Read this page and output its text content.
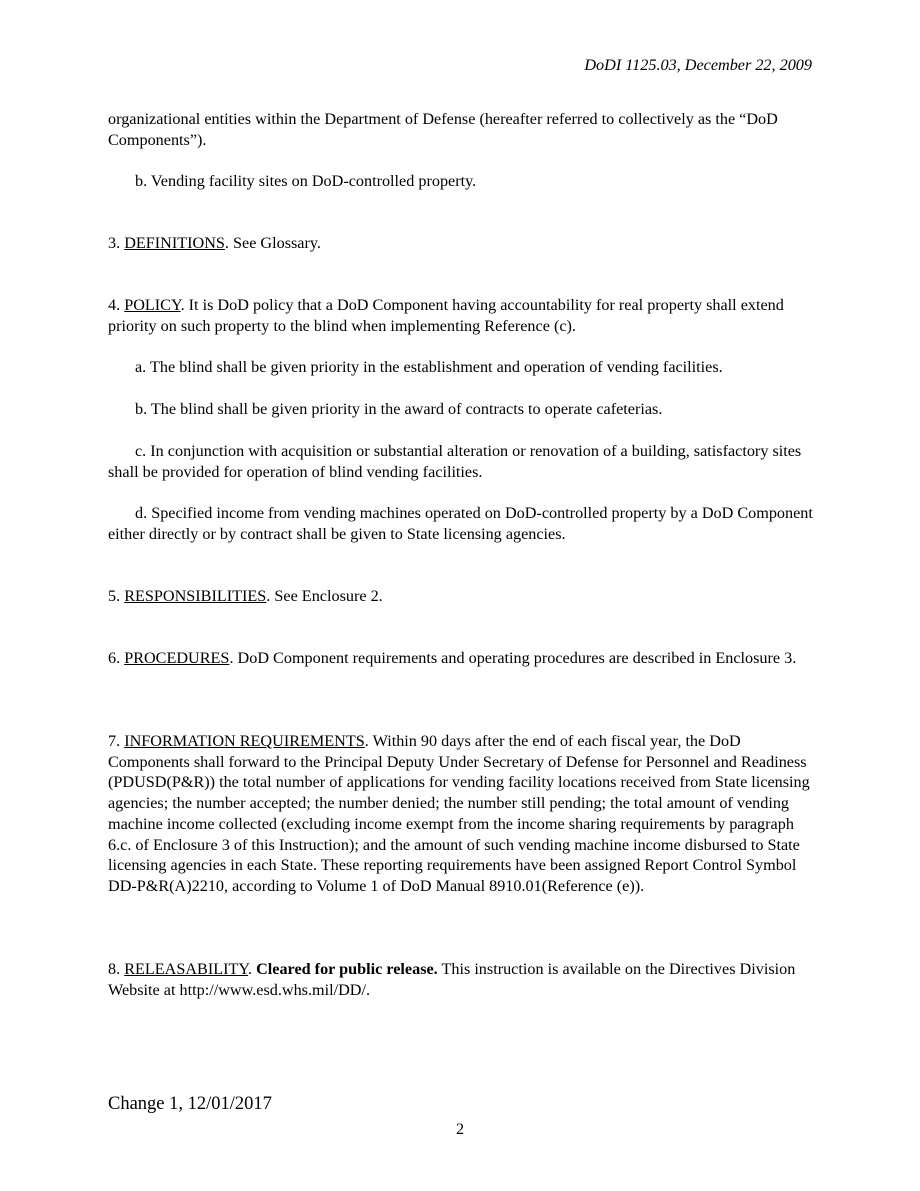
DoDI 1125.03, December 22, 2009

organizational entities within the Department of Defense (hereafter referred to collectively as the “DoD Components”).

b. Vending facility sites on DoD-controlled property.

3. DEFINITIONS. See Glossary.

4. POLICY. It is DoD policy that a DoD Component having accountability for real property shall extend priority on such property to the blind when implementing Reference (c).

a. The blind shall be given priority in the establishment and operation of vending facilities.

b. The blind shall be given priority in the award of contracts to operate cafeterias.

c. In conjunction with acquisition or substantial alteration or renovation of a building, satisfactory sites shall be provided for operation of blind vending facilities.

d. Specified income from vending machines operated on DoD-controlled property by a DoD Component either directly or by contract shall be given to State licensing agencies.

5. RESPONSIBILITIES. See Enclosure 2.

6. PROCEDURES. DoD Component requirements and operating procedures are described in Enclosure 3.

7. INFORMATION REQUIREMENTS. Within 90 days after the end of each fiscal year, the DoD Components shall forward to the Principal Deputy Under Secretary of Defense for Personnel and Readiness (PDUSD(P&R)) the total number of applications for vending facility locations received from State licensing agencies; the number accepted; the number denied; the number still pending; the total amount of vending machine income collected (excluding income exempt from the income sharing requirements by paragraph 6.c. of Enclosure 3 of this Instruction); and the amount of such vending machine income disbursed to State licensing agencies in each State. These reporting requirements have been assigned Report Control Symbol DD-P&R(A)2210, according to Volume 1 of DoD Manual 8910.01(Reference (e)).

8. RELEASABILITY. Cleared for public release. This instruction is available on the Directives Division Website at http://www.esd.whs.mil/DD/.

Change 1, 12/01/2017
2
